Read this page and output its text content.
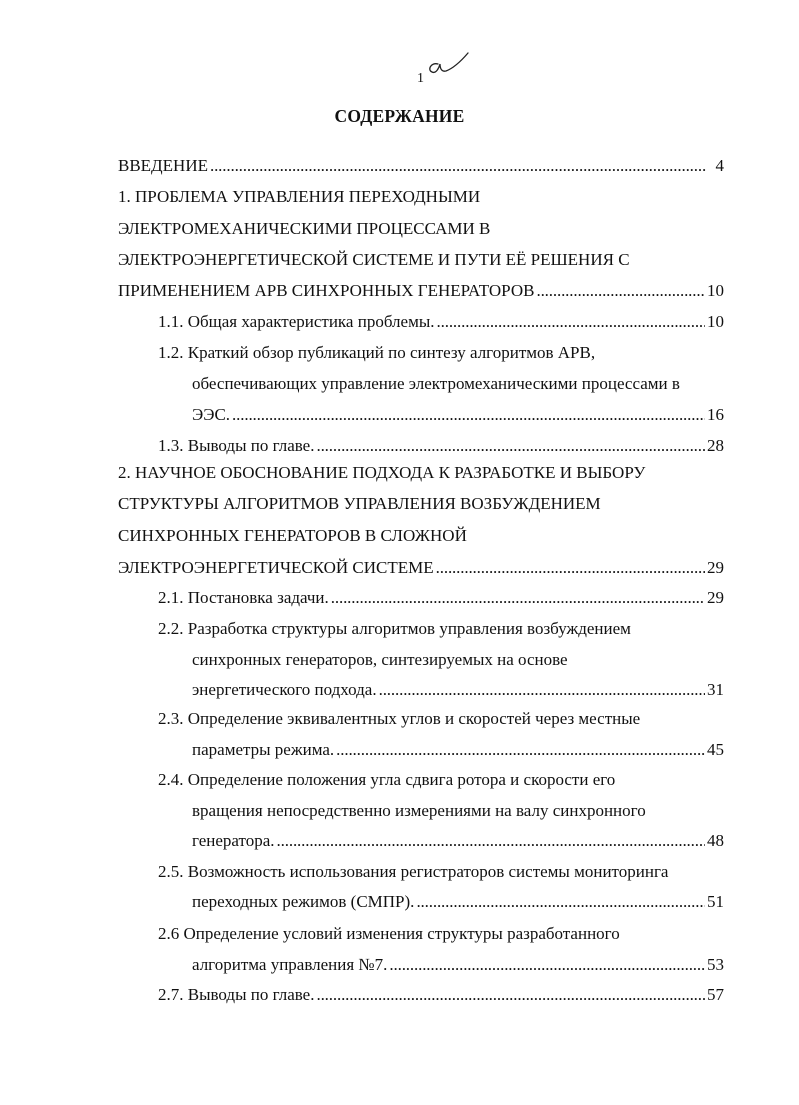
1
СОДЕРЖАНИЕ
ВВЕДЕНИЕ . . .	4
1. ПРОБЛЕМА УПРАВЛЕНИЯ ПЕРЕХОДНЫМИ
ЭЛЕКТРОМЕХАНИЧЕСКИМИ ПРОЦЕССАМИ В
ЭЛЕКТРОЭНЕРГЕТИЧЕСКОЙ СИСТЕМЕ И ПУТИ ЕЁ РЕШЕНИЯ С
ПРИМЕНЕНИЕМ АРВ СИНХРОННЫХ ГЕНЕРАТОРОВ . . .	10
1.1. Общая характеристика проблемы. . . .	10
1.2. Краткий обзор публикаций по синтезу алгоритмов АРВ,
обеспечивающих управление электромеханическими процессами в
ЭЭС. . . .	16
1.3. Выводы по главе. . . .	28
2. НАУЧНОЕ ОБОСНОВАНИЕ ПОДХОДА К РАЗРАБОТКЕ И ВЫБОРУ
СТРУКТУРЫ АЛГОРИТМОВ УПРАВЛЕНИЯ ВОЗБУЖДЕНИЕМ
СИНХРОННЫХ ГЕНЕРАТОРОВ В СЛОЖНОЙ
ЭЛЕКТРОЭНЕРГЕТИЧЕСКОЙ СИСТЕМЕ . . .	29
2.1. Постановка задачи. . . .	29
2.2. Разработка структуры алгоритмов управления возбуждением
синхронных генераторов, синтезируемых на основе
энергетического подхода. . . .	31
2.3. Определение эквивалентных углов и скоростей через местные
параметры режима. . . .	45
2.4. Определение положения угла сдвига ротора и скорости его
вращения непосредственно измерениями на валу синхронного
генератора. . . .	48
2.5. Возможность использования регистраторов системы мониторинга
переходных режимов (СМПР). . . .	51
2.6 Определение условий изменения структуры разработанного
алгоритма управления №7. . . .	53
2.7. Выводы по главе. . . .	57
